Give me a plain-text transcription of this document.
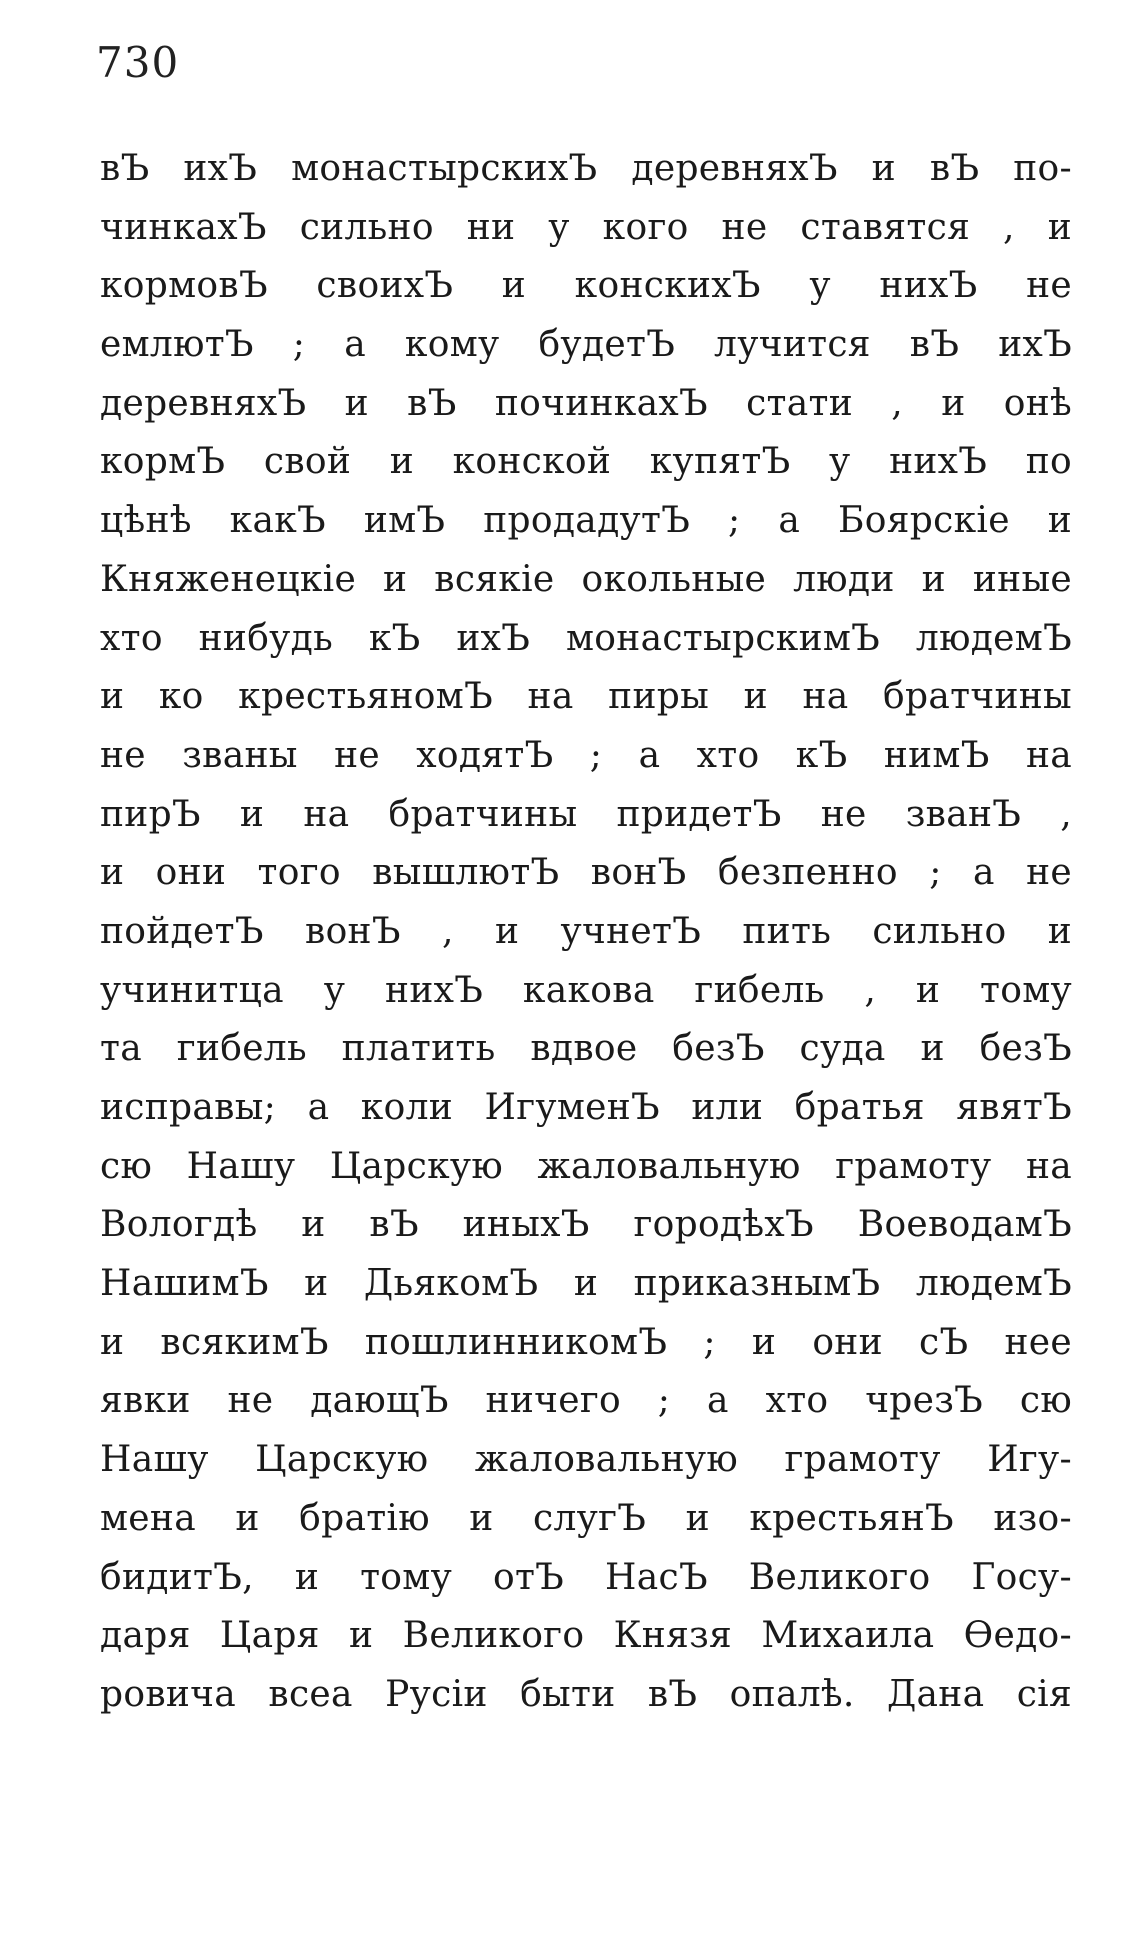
730
вЪ ихЪ монастырскихЪ деревняхЪ и вЪ по-
чинкахЪ сильно ни у кого не ставятся , и
кормовЪ своихЪ и конскихЪ у нихЪ не
емлютЪ ; а кому будетЪ лучится вЪ ихЪ
деревняхЪ и вЪ починкахЪ стати , и онѣ
кормЪ свой и конской купятЪ у нихЪ по
цѣнѣ какЪ имЪ продадутЪ ; а Боярскіе и
Княженецкіе и всякіе окольные люди и иные
хто нибудь кЪ ихЪ монастырскимЪ людемЪ
и ко крестьяномЪ на пиры и на братчины
не званы не ходятЪ ; а хто кЪ нимЪ на
пирЪ и на братчины придетЪ не званЪ ,
и они того вышлютЪ вонЪ безпенно ; а не
пойдетЪ вонЪ , и учнетЪ пить сильно и
учинитца у нихЪ какова гибель , и тому
та гибель платить вдвое безЪ суда и безЪ
исправы; а коли ИгуменЪ или братья явятЪ
сю Нашу Царскую жаловальную грамоту на
Вологдѣ и вЪ иныхЪ городѣхЪ ВоеводамЪ
НашимЪ и ДьякомЪ и приказнымЪ людемЪ
и всякимЪ пошлинникомЪ ; и они сЪ нее
явки не дающЪ ничего ; а хто чрезЪ сю
Нашу Царскую жаловальную грамоту Игу-
мена и братію и слугЪ и крестьянЪ изо-
бидитЪ, и тому отЪ НасЪ Великого Госу-
даря Царя и Великого Князя Михаила Ѳедо-
ровича всеа Русіи быти вЪ опалѣ. Дана сія
